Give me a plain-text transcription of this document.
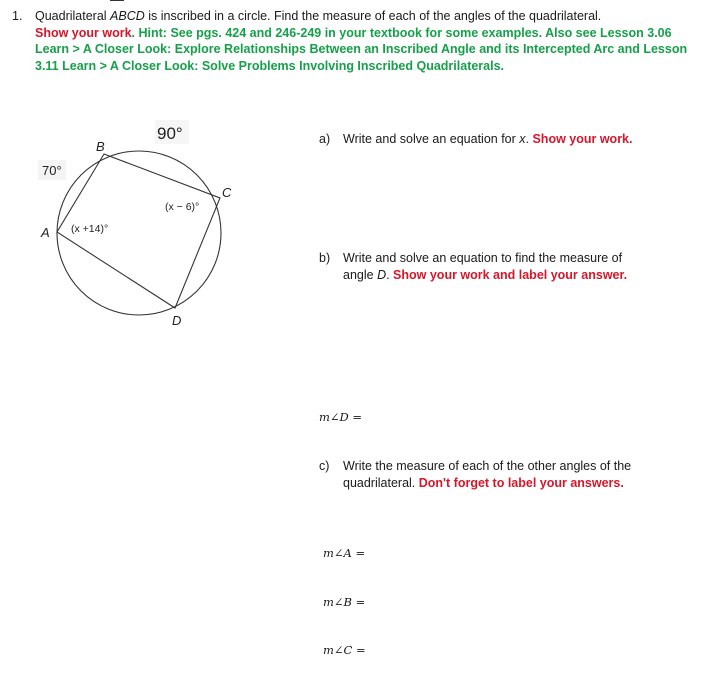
1. Quadrilateral ABCD is inscribed in a circle. Find the measure of each of the angles of the quadrilateral.
Show your work. Hint: See pgs. 424 and 246-249 in your textbook for some examples. Also see Lesson 3.06 Learn > A Closer Look: Explore Relationships Between an Inscribed Angle and its Intercepted Arc and Lesson 3.11 Learn > A Closer Look: Solve Problems Involving Inscribed Quadrilaterals.
90°
70°
B
C
D
A (x +14)°
(x − 6)°
a) Write and solve an equation for x. Show your work.
b) Write and solve an equation to find the measure of
angle D. Show your work and label your answer.
m∠D =
c) Write the measure of each of the other angles of the
quadrilateral. Don't forget to label your answers.
m∠A =
m∠B =
m∠C =
